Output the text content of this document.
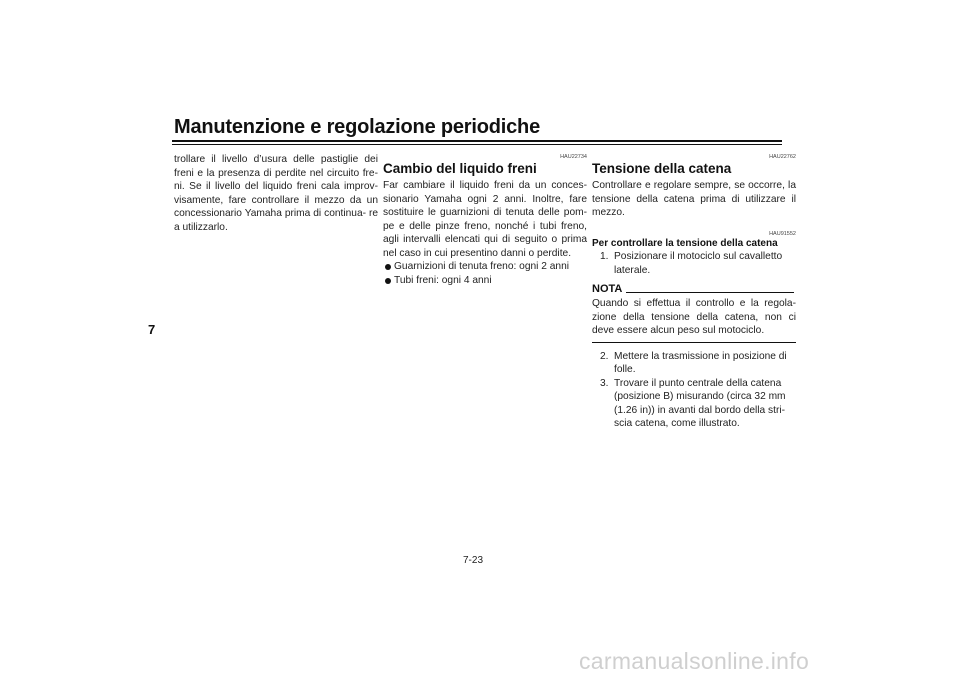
Manutenzione e regolazione periodiche
7

trollare il livello d’usura delle pastiglie dei freni e la presenza di perdite nel circuito fre- ni. Se il livello del liquido freni cala improv- visamente, fare controllare il mezzo da un concessionario Yamaha prima di continua- re a utilizzarlo.

HAU22734

Cambio del liquido freni

Far cambiare il liquido freni da un conces- sionario Yamaha ogni 2 anni. Inoltre, fare sostituire le guarnizioni di tenuta delle pom- pe e delle pinze freno, nonché i tubi freno, agli intervalli elencati qui di seguito o prima nel caso in cui presentino danni o perdite.

Guarnizioni di tenuta freno: ogni 2 anni
Tubi freni: ogni 4 anni

HAU22762

Tensione della catena

Controllare e regolare sempre, se occorre, la tensione della catena prima di utilizzare il mezzo.

HAU91552

Per controllare la tensione della catena
1. Posizionare il motociclo sul cavalletto laterale.
NOTA

Quando si effettua il controllo e la regola- zione della tensione della catena, non ci deve essere alcun peso sul motociclo.

2. Mettere la trasmissione in posizione di folle.
3. Trovare il punto centrale della catena (posizione B) misurando (circa 32 mm (1.26 in)) in avanti dal bordo della stri- scia catena, come illustrato.
7-23
carmanualsonline.info
